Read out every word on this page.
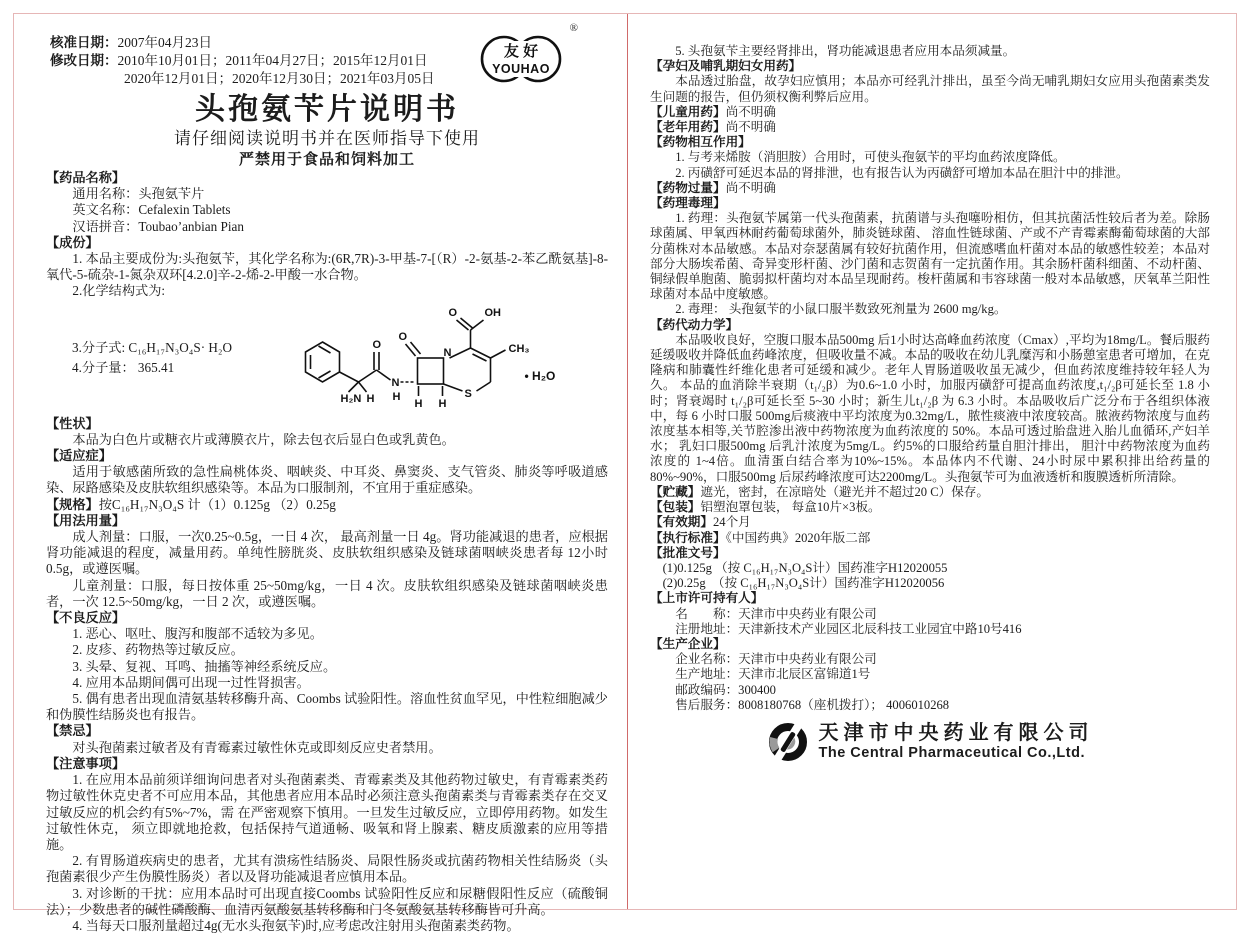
核准日期：2007年04月23日

修改日期：2010年10月01日；2011年04月27日；2015年12月01日

2020年12月01日；2020年12月30日；2021年03月05日

®
友 好
YOUHAO
头孢氨苄片说明书
请仔细阅读说明书并在医师指导下使用
严禁用于食品和饲料加工

【药品名称】

通用名称：头孢氨苄片

英文名称：Cefalexin Tablets

汉语拼音：Toubao’anbian Pian

【成份】

1. 本品主要成份为:头孢氨苄，其化学名称为:(6R,7R)-3-甲基-7-[（R）-2-氨基-2-苯乙酰氨基]-8-氧代-5-硫杂-1-氮杂双环[4.2.0]辛-2-烯-2-甲酸一水合物。

2.化学结构式为:

3.分子式: C₁₆H₁₇N₃O₄S· H₂O

4.分子量： 365.41

H₂N H
O
N
H
O
N
S
O OH
CH₃
H H
• H₂O

【性状】

本品为白色片或糖衣片或薄膜衣片，除去包衣后显白色或乳黄色。

【适应症】

适用于敏感菌所致的急性扁桃体炎、咽峡炎、中耳炎、鼻窦炎、支气管炎、肺炎等呼吸道感染、尿路感染及皮肤软组织感染等。本品为口服制剂，不宜用于重症感染。

【规格】按C₁₆H₁₇N₃O₄S 计（1）0.125g （2）0.25g

【用法用量】

成人剂量：口服，一次0.25~0.5g，一日 4 次， 最高剂量一日 4g。肾功能减退的患者，应根据肾功能减退的程度，减量用药。单纯性膀胱炎、皮肤软组织感染及链球菌咽峡炎患者每 12小时 0.5g，或遵医嘱。

儿童剂量：口服，每日按体重 25~50mg/kg，一日 4 次。皮肤软组织感染及链球菌咽峡炎患者，一次 12.5~50mg/kg，一日 2 次，或遵医嘱。

【不良反应】

1. 恶心、呕吐、腹泻和腹部不适较为多见。

2. 皮疹、药物热等过敏反应。

3. 头晕、复视、耳鸣、抽搐等神经系统反应。

4. 应用本品期间偶可出现一过性肾损害。

5. 偶有患者出现血清氨基转移酶升高、Coombs 试验阳性。溶血性贫血罕见，中性粒细胞减少和伪膜性结肠炎也有报告。

【禁忌】

对头孢菌素过敏者及有青霉素过敏性休克或即刻反应史者禁用。

【注意事项】

1. 在应用本品前须详细询问患者对头孢菌素类、青霉素类及其他药物过敏史，有青霉素类药物过敏性休克史者不可应用本品，其他患者应用本品时必须注意头孢菌素类与青霉素类存在交叉过敏反应的机会约有5%~7%，需 在严密观察下慎用。一旦发生过敏反应，立即停用药物。如发生过敏性休克， 须立即就地抢救，包括保持气道通畅、吸氧和肾上腺素、糖皮质激素的应用等措施。

2. 有胃肠道疾病史的患者，尤其有溃疡性结肠炎、局限性肠炎或抗菌药物相关性结肠炎（头孢菌素很少产生伪膜性肠炎）者以及肾功能减退者应慎用本品。

3. 对诊断的干扰：应用本品时可出现直接Coombs 试验阳性反应和尿糖假阳性反应（硫酸铜法）；少数患者的碱性磷酸酶、血清丙氨酸氨基转移酶和门冬氨酸氨基转移酶皆可升高。

4. 当每天口服剂量超过4g(无水头孢氨苄)时,应考虑改注射用头孢菌素类药物。

5. 头孢氨苄主要经肾排出，肾功能减退患者应用本品须减量。

【孕妇及哺乳期妇女用药】

本品透过胎盘，故孕妇应慎用；本品亦可经乳汁排出，虽至今尚无哺乳期妇女应用头孢菌素类发生问题的报告，但仍须权衡利弊后应用。

【儿童用药】尚不明确

【老年用药】尚不明确

【药物相互作用】

1. 与考来烯胺（消胆胺）合用时，可使头孢氨苄的平均血药浓度降低。

2. 丙磺舒可延迟本品的肾排泄，也有报告认为丙磺舒可增加本品在胆汁中的排泄。

【药物过量】尚不明确

【药理毒理】

1. 药理：头孢氨苄属第一代头孢菌素，抗菌谱与头孢噻吩相仿，但其抗菌活性较后者为差。除肠球菌属、甲氧西林耐药葡萄球菌外，肺炎链球菌、 溶血性链球菌、产或不产青霉素酶葡萄球菌的大部分菌株对本品敏感。本品对奈瑟菌属有较好抗菌作用，但流感嗜血杆菌对本品的敏感性较差；本品对部分大肠埃希菌、奇异变形杆菌、沙门菌和志贺菌有一定抗菌作用。其余肠杆菌科细菌、不动杆菌、铜绿假单胞菌、脆弱拟杆菌均对本品呈现耐药。梭杆菌属和韦容球菌一般对本品敏感，厌氧革兰阳性球菌对本品中度敏感。

2. 毒理： 头孢氨苄的小鼠口服半数致死剂量为 2600 mg/kg。

【药代动力学】

本品吸收良好，空腹口服本品500mg 后1小时达高峰血药浓度（Cmax）,平均为18mg/L。餐后服药延缓吸收并降低血药峰浓度，但吸收量不减。本品的吸收在幼儿乳糜泻和小肠憩室患者可增加，在克隆病和肺囊性纤维化患者可延缓和减少。老年人胃肠道吸收虽无减少，但血药浓度维持较年轻人为久。 本品的血消除半衰期（t₁/₂β）为0.6~1.0 小时，加服丙磺舒可提高血药浓度,t₁/₂β可延长至 1.8 小时；肾衰竭时 t₁/₂β可延长至 5~30 小时；新生儿t₁/₂β 为 6.3 小时。本品吸收后广泛分布于各组织体液中，每 6 小时口服 500mg后痰液中平均浓度为0.32mg/L，脓性痰液中浓度较高。脓液药物浓度与血药浓度基本相等,关节腔渗出液中药物浓度为血药浓度的 50%。本品可透过胎盘进入胎儿血循环,产妇羊水； 乳妇口服500mg 后乳汁浓度为5mg/L。约5%的口服给药量自胆汁排出， 胆汁中药物浓度为血药浓度的 1~4倍。血清蛋白结合率为10%~15%。本品体内不代谢、24小时尿中累积排出给药量的80%~90%，口服500mg 后尿药峰浓度可达2200mg/L。头孢氨苄可为血液透析和腹膜透析所清除。

【贮藏】遮光，密封，在凉暗处（避光并不超过20 C）保存。

【包装】铝塑泡罩包装， 每盒10片×3板。

【有效期】24个月

【执行标准】《中国药典》2020年版二部

【批准文号】

(1)0.125g （按 C₁₆H₁₇N₃O₄S计）国药准字H12020055

(2)0.25g　（按 C₁₆H₁₇N₃O₄S计）国药准字H12020056

【上市许可持有人】

名　　称：天津市中央药业有限公司

注册地址：天津新技术产业园区北辰科技工业园宜中路10号416

【生产企业】

企业名称：天津市中央药业有限公司

生产地址：天津市北辰区富锦道1号

邮政编码：300400

售后服务：8008180768（座机拨打）； 4006010268

天津市中央药业有限公司
The Central Pharmaceutical Co.,Ltd.
